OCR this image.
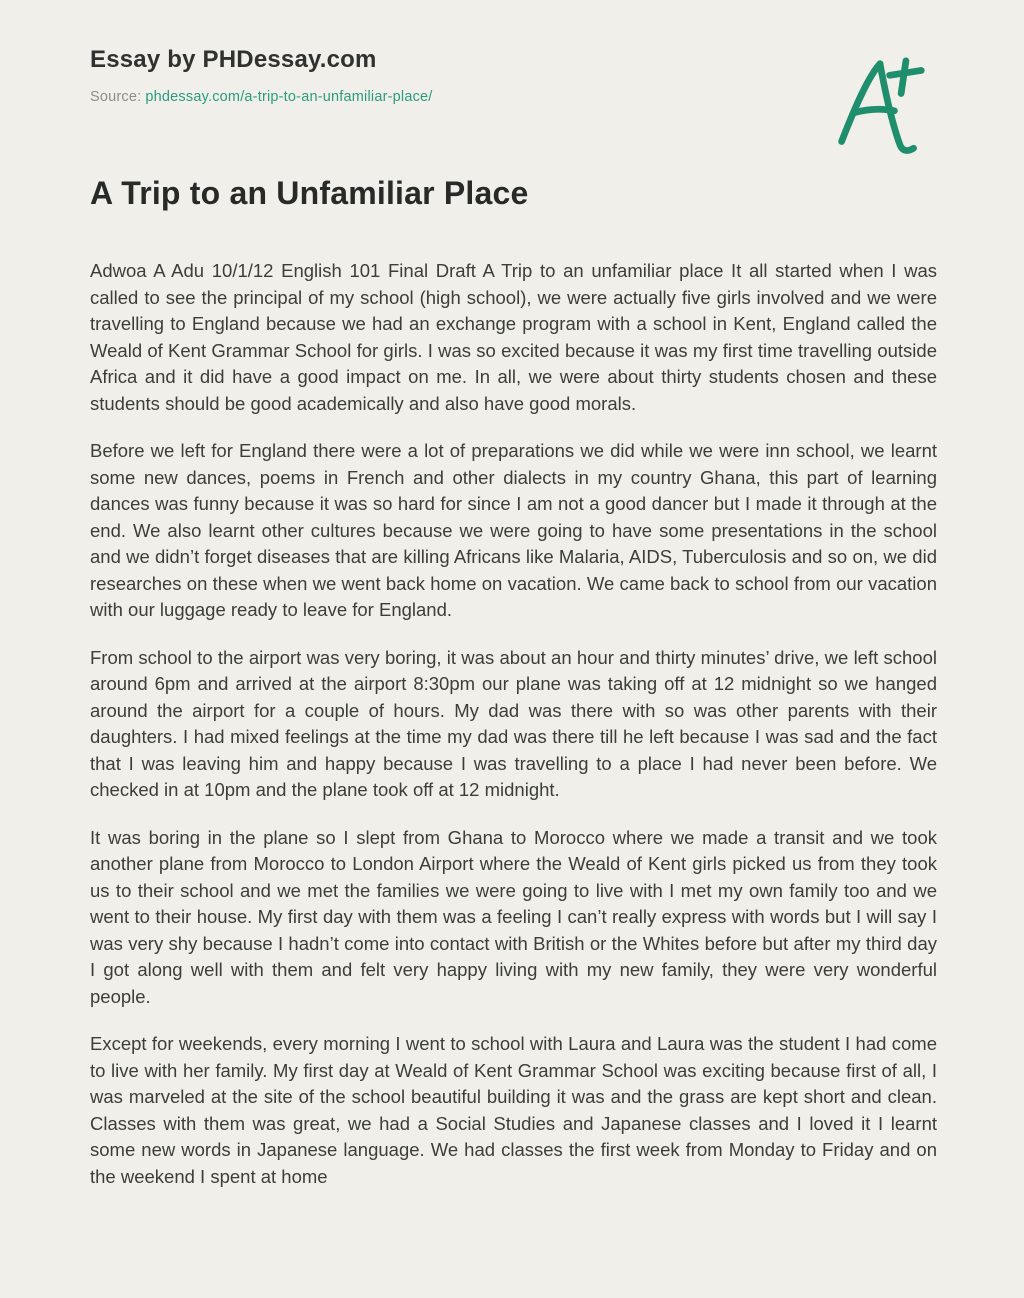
Essay by PHDessay.com
Source: phdessay.com/a-trip-to-an-unfamiliar-place/
A Trip to an Unfamiliar Place

Adwoa A Adu 10/1/12 English 101 Final Draft A Trip to an unfamiliar place It all started when I was called to see the principal of my school (high school), we were actually five girls involved and we were travelling to England because we had an exchange program with a school in Kent, England called the Weald of Kent Grammar School for girls. I was so excited because it was my first time travelling outside Africa and it did have a good impact on me. In all, we were about thirty students chosen and these students should be good academically and also have good morals.

Before we left for England there were a lot of preparations we did while we were inn school, we learnt some new dances, poems in French and other dialects in my country Ghana, this part of learning dances was funny because it was so hard for since I am not a good dancer but I made it through at the end. We also learnt other cultures because we were going to have some presentations in the school and we didn’t forget diseases that are killing Africans like Malaria, AIDS, Tuberculosis and so on, we did researches on these when we went back home on vacation. We came back to school from our vacation with our luggage ready to leave for England.

From school to the airport was very boring, it was about an hour and thirty minutes’ drive, we left school around 6pm and arrived at the airport 8:30pm our plane was taking off at 12 midnight so we hanged around the airport for a couple of hours. My dad was there with so was other parents with their daughters. I had mixed feelings at the time my dad was there till he left because I was sad and the fact that I was leaving him and happy because I was travelling to a place I had never been before. We checked in at 10pm and the plane took off at 12 midnight.

It was boring in the plane so I slept from Ghana to Morocco where we made a transit and we took another plane from Morocco to London Airport where the Weald of Kent girls picked us from they took us to their school and we met the families we were going to live with I met my own family too and we went to their house. My first day with them was a feeling I can’t really express with words but I will say I was very shy because I hadn’t come into contact with British or the Whites before but after my third day I got along well with them and felt very happy living with my new family, they were very wonderful people.

Except for weekends, every morning I went to school with Laura and Laura was the student I had come to live with her family. My first day at Weald of Kent Grammar School was exciting because first of all, I was marveled at the site of the school beautiful building it was and the grass are kept short and clean. Classes with them was great, we had a Social Studies and Japanese classes and I loved it I learnt some new words in Japanese language. We had classes the first week from Monday to Friday and on the weekend I spent at home
